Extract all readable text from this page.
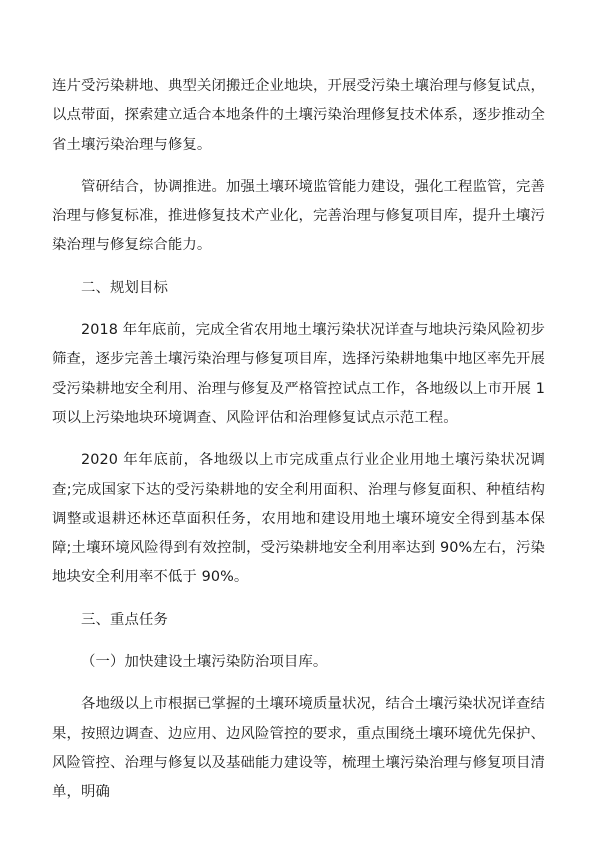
连片受污染耕地、典型关闭搬迁企业地块，开展受污染土壤治理与修复试点，以点带面，探索建立适合本地条件的土壤污染治理修复技术体系，逐步推动全省土壤污染治理与修复。

管研结合，协调推进。加强土壤环境监管能力建设，强化工程监管，完善治理与修复标准，推进修复技术产业化，完善治理与修复项目库，提升土壤污染治理与修复综合能力。

二、规划目标

2018 年年底前，完成全省农用地土壤污染状况详查与地块污染风险初步筛查，逐步完善土壤污染治理与修复项目库，选择污染耕地集中地区率先开展受污染耕地安全利用、治理与修复及严格管控试点工作，各地级以上市开展 1 项以上污染地块环境调查、风险评估和治理修复试点示范工程。

2020 年年底前，各地级以上市完成重点行业企业用地土壤污染状况调查;完成国家下达的受污染耕地的安全利用面积、治理与修复面积、种植结构调整或退耕还林还草面积任务，农用地和建设用地土壤环境安全得到基本保障;土壤环境风险得到有效控制，受污染耕地安全利用率达到 90%左右，污染地块安全利用率不低于 90%。

三、重点任务

（一）加快建设土壤污染防治项目库。

各地级以上市根据已掌握的土壤环境质量状况，结合土壤污染状况详查结果，按照边调查、边应用、边风险管控的要求，重点围绕土壤环境优先保护、风险管控、治理与修复以及基础能力建设等，梳理土壤污染治理与修复项目清单，明确
